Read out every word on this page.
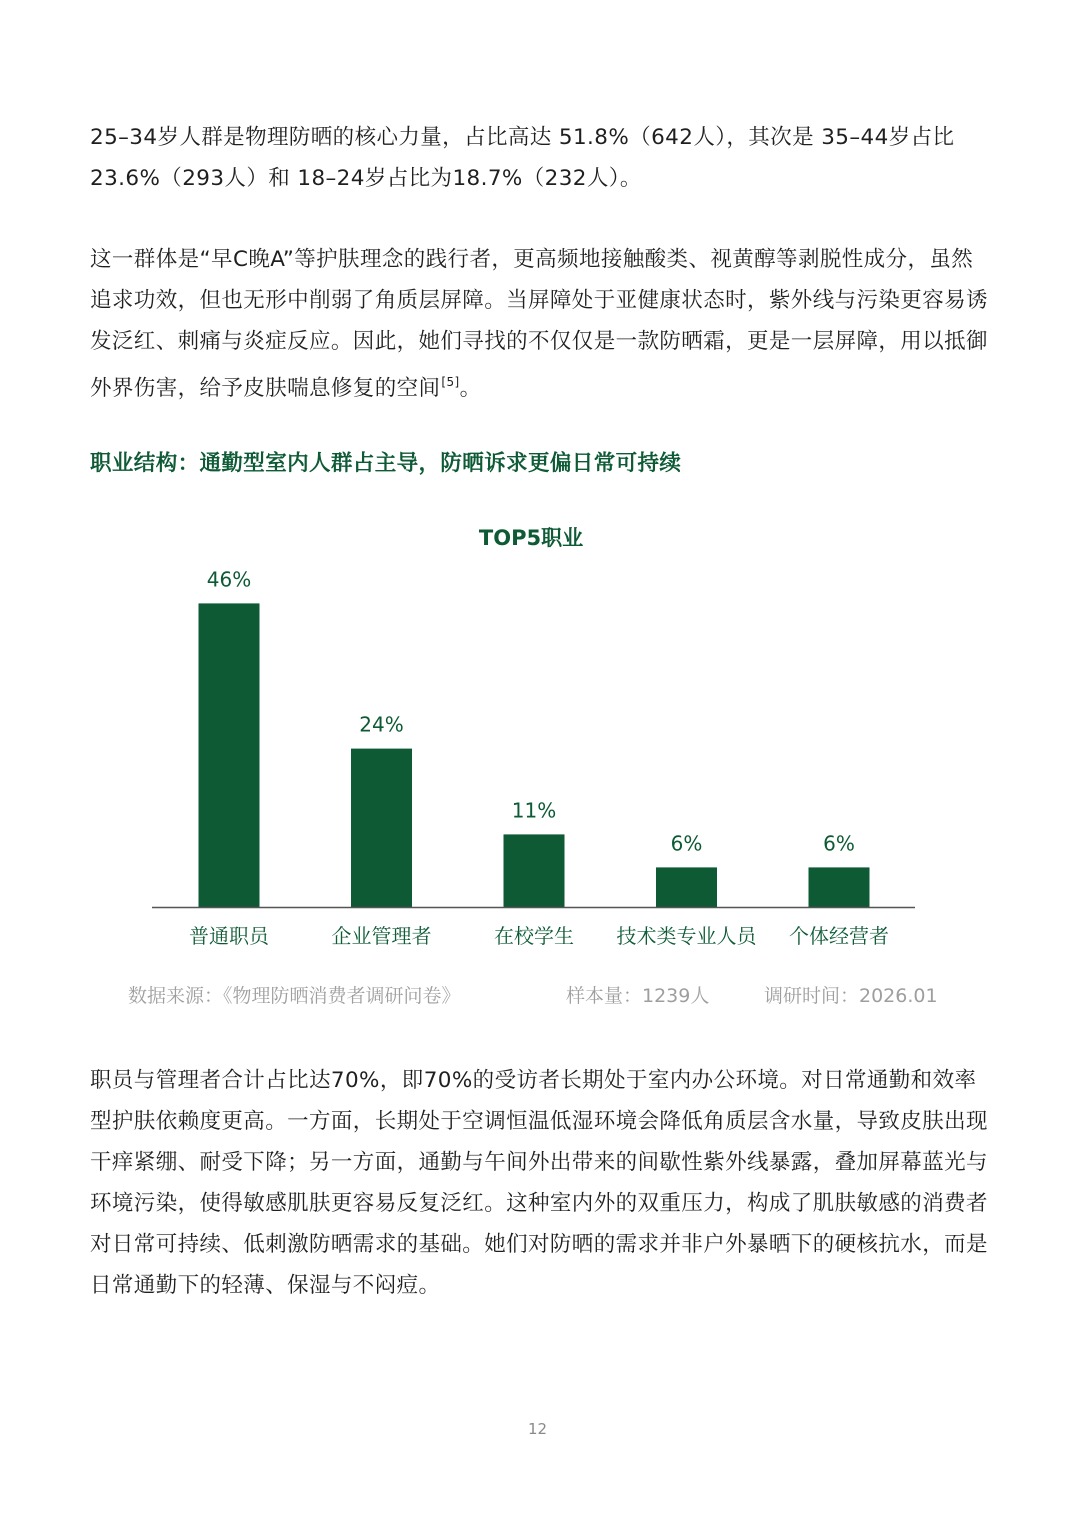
25–34岁人群是物理防晒的核心力量，占比高达 51.8%（642人），其次是 35–44岁占比23.6%（293人）和 18–24岁占比为18.7%（232人）。

这一群体是“早C晚A”等护肤理念的践行者，更高频地接触酸类、视黄醇等剥脱性成分，虽然追求功效，但也无形中削弱了角质层屏障。当屏障处于亚健康状态时，紫外线与污染更容易诱发泛红、刺痛与炎症反应。因此，她们寻找的不仅仅是一款防晒霜，更是一层屏障，用以抵御外界伤害，给予皮肤喘息修复的空间[5]。

职业结构：通勤型室内人群占主导，防晒诉求更偏日常可持续
TOP5职业
46%
普通职员
24%
企业管理者
11%
在校学生
6%
技术类专业人员
6%
个体经营者
数据来源：《物理防晒消费者调研问卷》	样本量：1239人	调研时间：2026.01

职员与管理者合计占比达70%，即70%的受访者长期处于室内办公环境。对日常通勤和效率型护肤依赖度更高。一方面，长期处于空调恒温低湿环境会降低角质层含水量，导致皮肤出现干痒紧绷、耐受下降；另一方面，通勤与午间外出带来的间歇性紫外线暴露，叠加屏幕蓝光与环境污染，使得敏感肌肤更容易反复泛红。这种室内外的双重压力，构成了肌肤敏感的消费者对日常可持续、低刺激防晒需求的基础。她们对防晒的需求并非户外暴晒下的硬核抗水，而是日常通勤下的轻薄、保湿与不闷痘。

12
